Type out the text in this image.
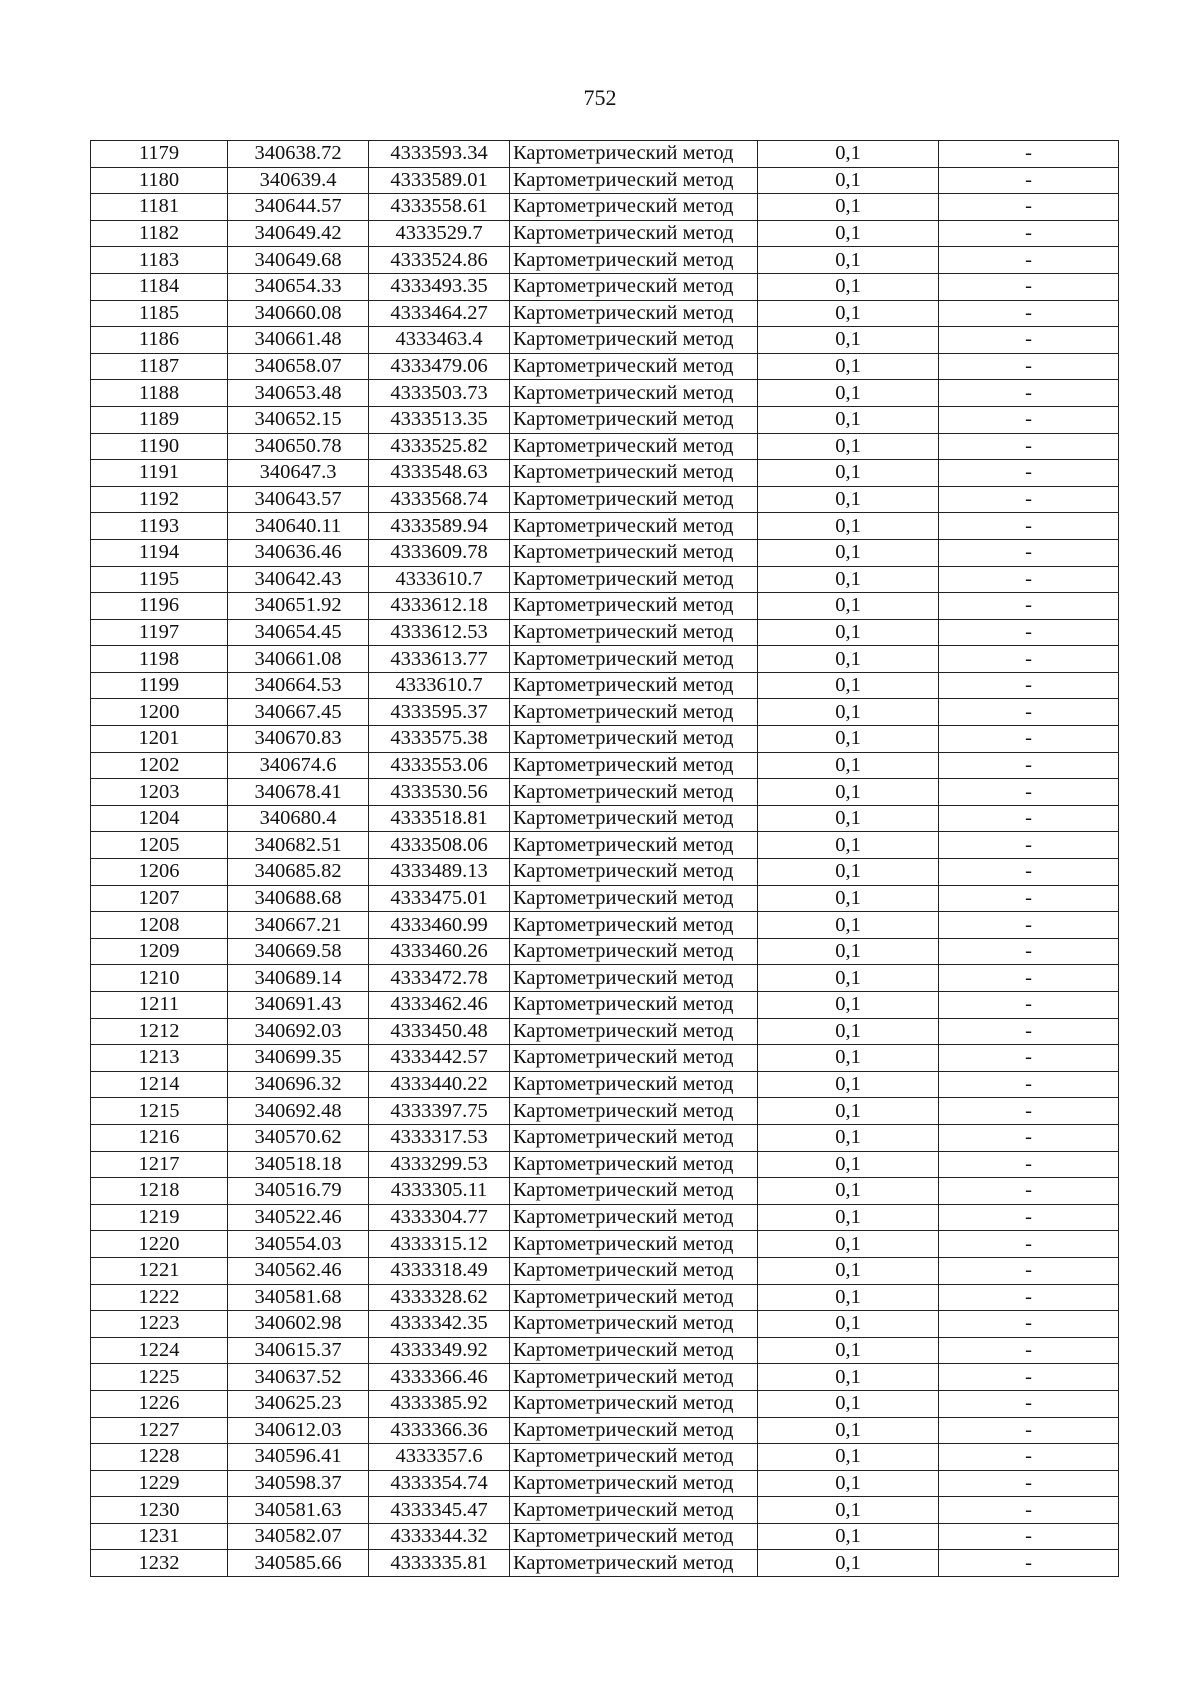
752
1179	340638.72	4333593.34	Картометрический метод	0,1	-
1180	340639.4	4333589.01	Картометрический метод	0,1	-
1181	340644.57	4333558.61	Картометрический метод	0,1	-
1182	340649.42	4333529.7	Картометрический метод	0,1	-
1183	340649.68	4333524.86	Картометрический метод	0,1	-
1184	340654.33	4333493.35	Картометрический метод	0,1	-
1185	340660.08	4333464.27	Картометрический метод	0,1	-
1186	340661.48	4333463.4	Картометрический метод	0,1	-
1187	340658.07	4333479.06	Картометрический метод	0,1	-
1188	340653.48	4333503.73	Картометрический метод	0,1	-
1189	340652.15	4333513.35	Картометрический метод	0,1	-
1190	340650.78	4333525.82	Картометрический метод	0,1	-
1191	340647.3	4333548.63	Картометрический метод	0,1	-
1192	340643.57	4333568.74	Картометрический метод	0,1	-
1193	340640.11	4333589.94	Картометрический метод	0,1	-
1194	340636.46	4333609.78	Картометрический метод	0,1	-
1195	340642.43	4333610.7	Картометрический метод	0,1	-
1196	340651.92	4333612.18	Картометрический метод	0,1	-
1197	340654.45	4333612.53	Картометрический метод	0,1	-
1198	340661.08	4333613.77	Картометрический метод	0,1	-
1199	340664.53	4333610.7	Картометрический метод	0,1	-
1200	340667.45	4333595.37	Картометрический метод	0,1	-
1201	340670.83	4333575.38	Картометрический метод	0,1	-
1202	340674.6	4333553.06	Картометрический метод	0,1	-
1203	340678.41	4333530.56	Картометрический метод	0,1	-
1204	340680.4	4333518.81	Картометрический метод	0,1	-
1205	340682.51	4333508.06	Картометрический метод	0,1	-
1206	340685.82	4333489.13	Картометрический метод	0,1	-
1207	340688.68	4333475.01	Картометрический метод	0,1	-
1208	340667.21	4333460.99	Картометрический метод	0,1	-
1209	340669.58	4333460.26	Картометрический метод	0,1	-
1210	340689.14	4333472.78	Картометрический метод	0,1	-
1211	340691.43	4333462.46	Картометрический метод	0,1	-
1212	340692.03	4333450.48	Картометрический метод	0,1	-
1213	340699.35	4333442.57	Картометрический метод	0,1	-
1214	340696.32	4333440.22	Картометрический метод	0,1	-
1215	340692.48	4333397.75	Картометрический метод	0,1	-
1216	340570.62	4333317.53	Картометрический метод	0,1	-
1217	340518.18	4333299.53	Картометрический метод	0,1	-
1218	340516.79	4333305.11	Картометрический метод	0,1	-
1219	340522.46	4333304.77	Картометрический метод	0,1	-
1220	340554.03	4333315.12	Картометрический метод	0,1	-
1221	340562.46	4333318.49	Картометрический метод	0,1	-
1222	340581.68	4333328.62	Картометрический метод	0,1	-
1223	340602.98	4333342.35	Картометрический метод	0,1	-
1224	340615.37	4333349.92	Картометрический метод	0,1	-
1225	340637.52	4333366.46	Картометрический метод	0,1	-
1226	340625.23	4333385.92	Картометрический метод	0,1	-
1227	340612.03	4333366.36	Картометрический метод	0,1	-
1228	340596.41	4333357.6	Картометрический метод	0,1	-
1229	340598.37	4333354.74	Картометрический метод	0,1	-
1230	340581.63	4333345.47	Картометрический метод	0,1	-
1231	340582.07	4333344.32	Картометрический метод	0,1	-
1232	340585.66	4333335.81	Картометрический метод	0,1	-
